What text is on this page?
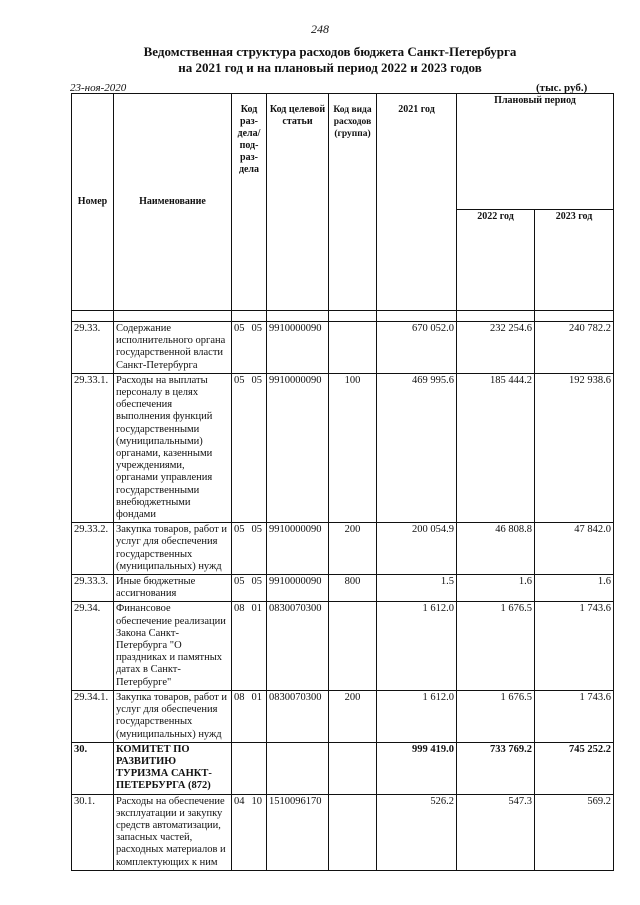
248
Ведомственная структура расходов бюджета Санкт-Петербурга
на 2021 год и на плановый период 2022 и 2023 годов
23-ноя-2020	(тыс. руб.)
Номер	Наименование	Код раз-дела/ под-раз-дела	Код целевой статьи	Код вида расходов (группа)	2021 год	Плановый период	
						2022 год	2023 год

29.33.	Содержание исполнительного органа государственной власти Санкт-Петербурга	05 05	9910000090		670 052.0	232 254.6	240 782.2
29.33.1.	Расходы на выплаты персоналу в целях обеспечения выполнения функций государственными (муниципальными) органами, казенными учреждениями, органами управления государственными внебюджетными фондами	05 05	9910000090	100	469 995.6	185 444.2	192 938.6
29.33.2.	Закупка товаров, работ и услуг для обеспечения государственных (муниципальных) нужд	05 05	9910000090	200	200 054.9	46 808.8	47 842.0
29.33.3.	Иные бюджетные ассигнования	05 05	9910000090	800	1.5	1.6	1.6
29.34.	Финансовое обеспечение реализации Закона Санкт-Петербурга "О праздниках и памятных датах в Санкт-Петербурге"	08 01	0830070300		1 612.0	1 676.5	1 743.6
29.34.1.	Закупка товаров, работ и услуг для обеспечения государственных (муниципальных) нужд	08 01	0830070300	200	1 612.0	1 676.5	1 743.6
30.	КОМИТЕТ ПО РАЗВИТИЮ ТУРИЗМА САНКТ-ПЕТЕРБУРГА (872)				999 419.0	733 769.2	745 252.2
30.1.	Расходы на обеспечение эксплуатации и закупку средств автоматизации, запасных частей, расходных материалов и комплектующих к ним	04 10	1510096170		526.2	547.3	569.2
